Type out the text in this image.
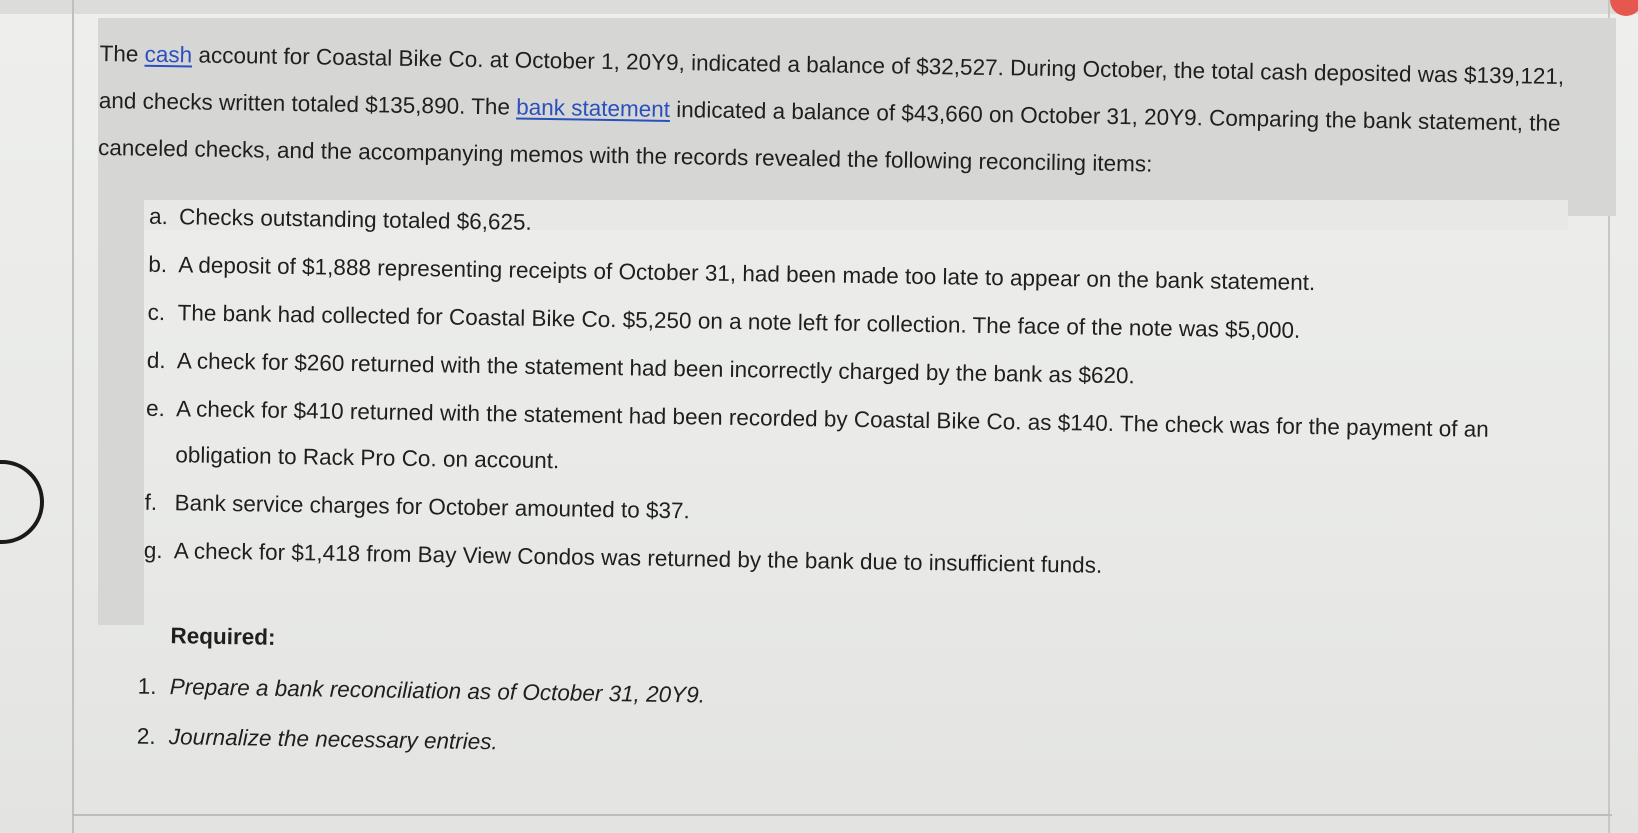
The cash account for Coastal Bike Co. at October 1, 20Y9, indicated a balance of $32,527. During October, the total cash deposited was $139,121, and checks written totaled $135,890. The bank statement indicated a balance of $43,660 on October 31, 20Y9. Comparing the bank statement, the canceled checks, and the accompanying memos with the records revealed the following reconciling items:

a. Checks outstanding totaled $6,625.
b. A deposit of $1,888 representing receipts of October 31, had been made too late to appear on the bank statement.
c. The bank had collected for Coastal Bike Co. $5,250 on a note left for collection. The face of the note was $5,000.
d. A check for $260 returned with the statement had been incorrectly charged by the bank as $620.
e. A check for $410 returned with the statement had been recorded by Coastal Bike Co. as $140. The check was for the payment of an obligation to Rack Pro Co. on account.
f. Bank service charges for October amounted to $37.
g. A check for $1,418 from Bay View Condos was returned by the bank due to insufficient funds.
Required:
1. Prepare a bank reconciliation as of October 31, 20Y9.
2. Journalize the necessary entries.
